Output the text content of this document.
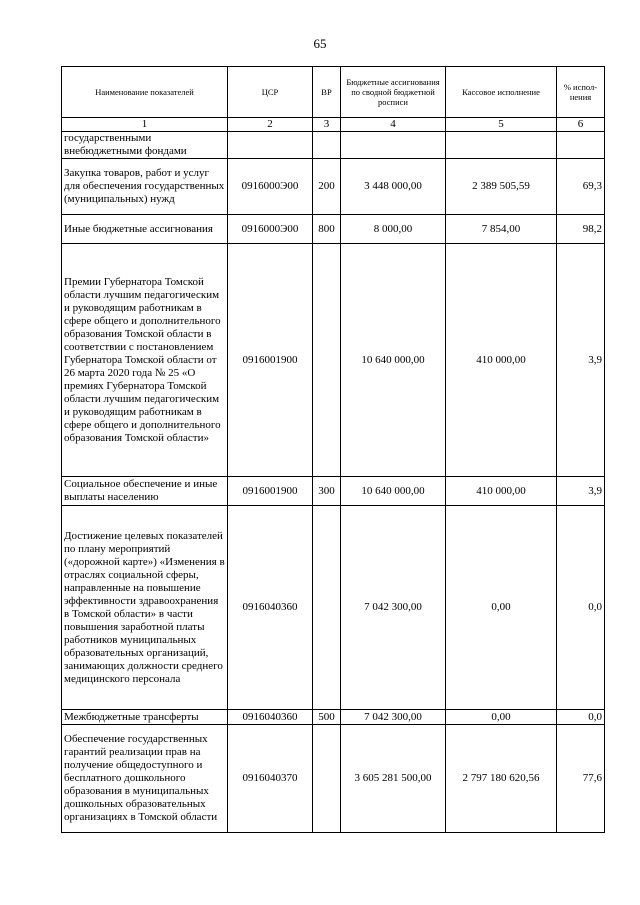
65
Наименование показателей	ЦСР	ВР	Бюджетные ассигнования по сводной бюджетной росписи	Кассовое исполнение	% испол-нения
1	2	3	4	5	6
государственными внебюджетными фондами					
Закупка товаров, работ и услуг для обеспечения государственных (муниципальных) нужд	0916000Э00	200	3 448 000,00	2 389 505,59	69,3
Иные бюджетные ассигнования	0916000Э00	800	8 000,00	7 854,00	98,2
Премии Губернатора Томской области лучшим педагогическим и руководящим работникам в сфере общего и дополнительного образования Томской области в соответствии с постановлением Губернатора Томской области от 26 марта 2020 года № 25 «О премиях Губернатора Томской области лучшим педагогическим и руководящим работникам в сфере общего и дополнительного образования Томской области»	0916001900		10 640 000,00	410 000,00	3,9
Социальное обеспечение и иные выплаты населению	0916001900	300	10 640 000,00	410 000,00	3,9
Достижение целевых показателей по плану мероприятий («дорожной карте») «Изменения в отраслях социальной сферы, направленные на повышение эффективности здравоохранения в Томской области» в части повышения заработной платы работников муниципальных образовательных организаций, занимающих должности среднего медицинского персонала	0916040360		7 042 300,00	0,00	0,0
Межбюджетные трансферты	0916040360	500	7 042 300,00	0,00	0,0
Обеспечение государственных гарантий реализации прав на получение общедоступного и бесплатного дошкольного образования в муниципальных дошкольных образовательных организациях в Томской области	0916040370		3 605 281 500,00	2 797 180 620,56	77,6
